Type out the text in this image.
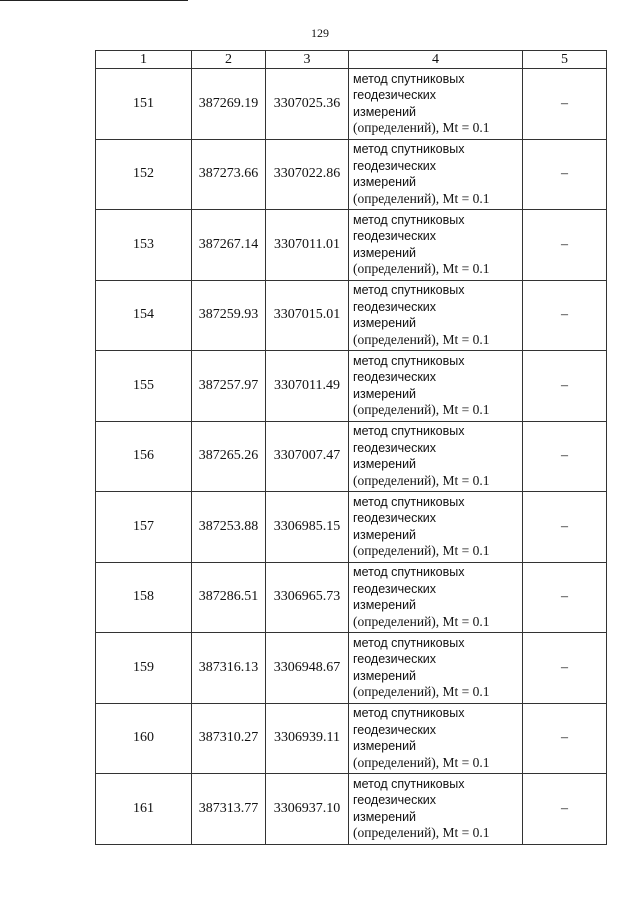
129
1	2	3	4	5
151	387269.19	3307025.36	метод спутниковых
геодезических
измерений
(определений), Mt = 0.1	–
152	387273.66	3307022.86	метод спутниковых
геодезических
измерений
(определений), Mt = 0.1	–
153	387267.14	3307011.01	метод спутниковых
геодезических
измерений
(определений), Mt = 0.1	–
154	387259.93	3307015.01	метод спутниковых
геодезических
измерений
(определений), Mt = 0.1	–
155	387257.97	3307011.49	метод спутниковых
геодезических
измерений
(определений), Mt = 0.1	–
156	387265.26	3307007.47	метод спутниковых
геодезических
измерений
(определений), Mt = 0.1	–
157	387253.88	3306985.15	метод спутниковых
геодезических
измерений
(определений), Mt = 0.1	–
158	387286.51	3306965.73	метод спутниковых
геодезических
измерений
(определений), Mt = 0.1	–
159	387316.13	3306948.67	метод спутниковых
геодезических
измерений
(определений), Mt = 0.1	–
160	387310.27	3306939.11	метод спутниковых
геодезических
измерений
(определений), Mt = 0.1	–
161	387313.77	3306937.10	метод спутниковых
геодезических
измерений
(определений), Mt = 0.1	–
